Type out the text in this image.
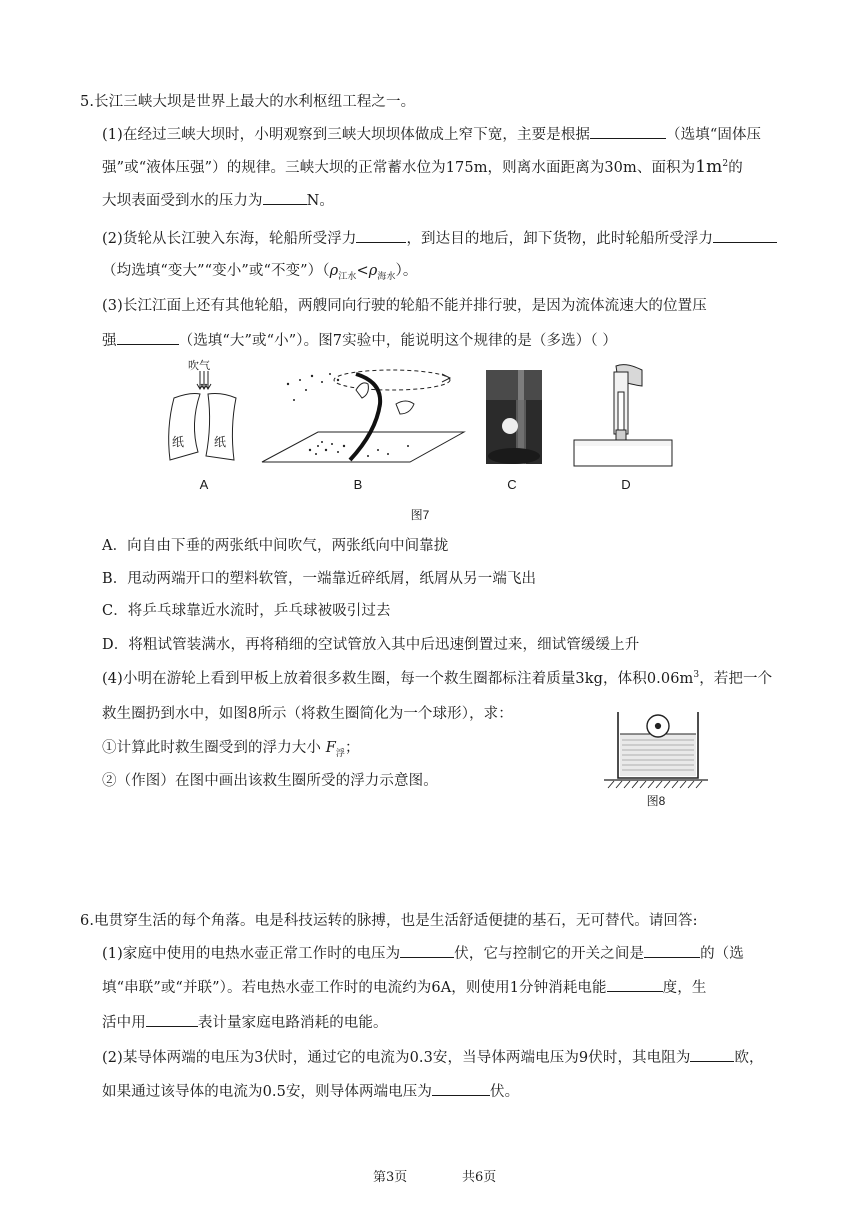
5.长江三峡大坝是世界上最大的水利枢纽工程之一。
(1)在经过三峡大坝时，小明观察到三峡大坝坝体做成上窄下宽，主要是根据	（选填“固体压
强”或“液体压强”）的规律。三峡大坝的正常蓄水位为175m，则离水面距离为30m、面积为$1m^2$的
大坝表面受到水的压力为	N。
(2)货轮从长江驶入东海，轮船所受浮力	，到达目的地后，卸下货物，此时轮船所受浮力
（均选填“变大”“变小”或“不变$”)(\rho_{江水}<\rho_{海水})$。
(3)长江江面上还有其他轮船，两艘同向行驶的轮船不能并排行驶，是因为流体流速大的位置压
强	（选填“大”或“小”）。图7实验中，能说明这个规律的是（多选）（ ）
吹气
纸 纸
A	B	C	D
图7
A．向自由下垂的两张纸中间吹气，两张纸向中间靠拢
B．甩动两端开口的塑料软管，一端靠近碎纸屑，纸屑从另一端飞出
C．将乒乓球靠近水流时，乒乓球被吸引过去
D．将粗试管装满水，再将稍细的空试管放入其中后迅速倒置过来，细试管缓缓上升
(4)小明在游轮上看到甲板上放着很多救生圈，每一个救生圈都标注着质量3kg，体积$0.06m^3$，若把一个
救生圈扔到水中，如图8所示（将救生圈简化为一个球形），求：
①计算此时救生圈受到的浮力大小 $F_浮$；
②（作图）在图中画出该救生圈所受的浮力示意图。
图8
6.电贯穿生活的每个角落。电是科技运转的脉搏，也是生活舒适便捷的基石，无可替代。请回答:
(1)家庭中使用的电热水壶正常工作时的电压为	伏，它与控制它的开关之间是	的（选
填“串联”或“并联”）。若电热水壶工作时的电流约为6A，则使用1分钟消耗电能	度，生
活中用	表计量家庭电路消耗的电能。
(2)某导体两端的电压为3伏时，通过它的电流为0.3安，当导体两端电压为9伏时，其电阻为	欧，
如果通过该导体的电流为0.5安，则导体两端电压为	伏。
第3页	共6页
